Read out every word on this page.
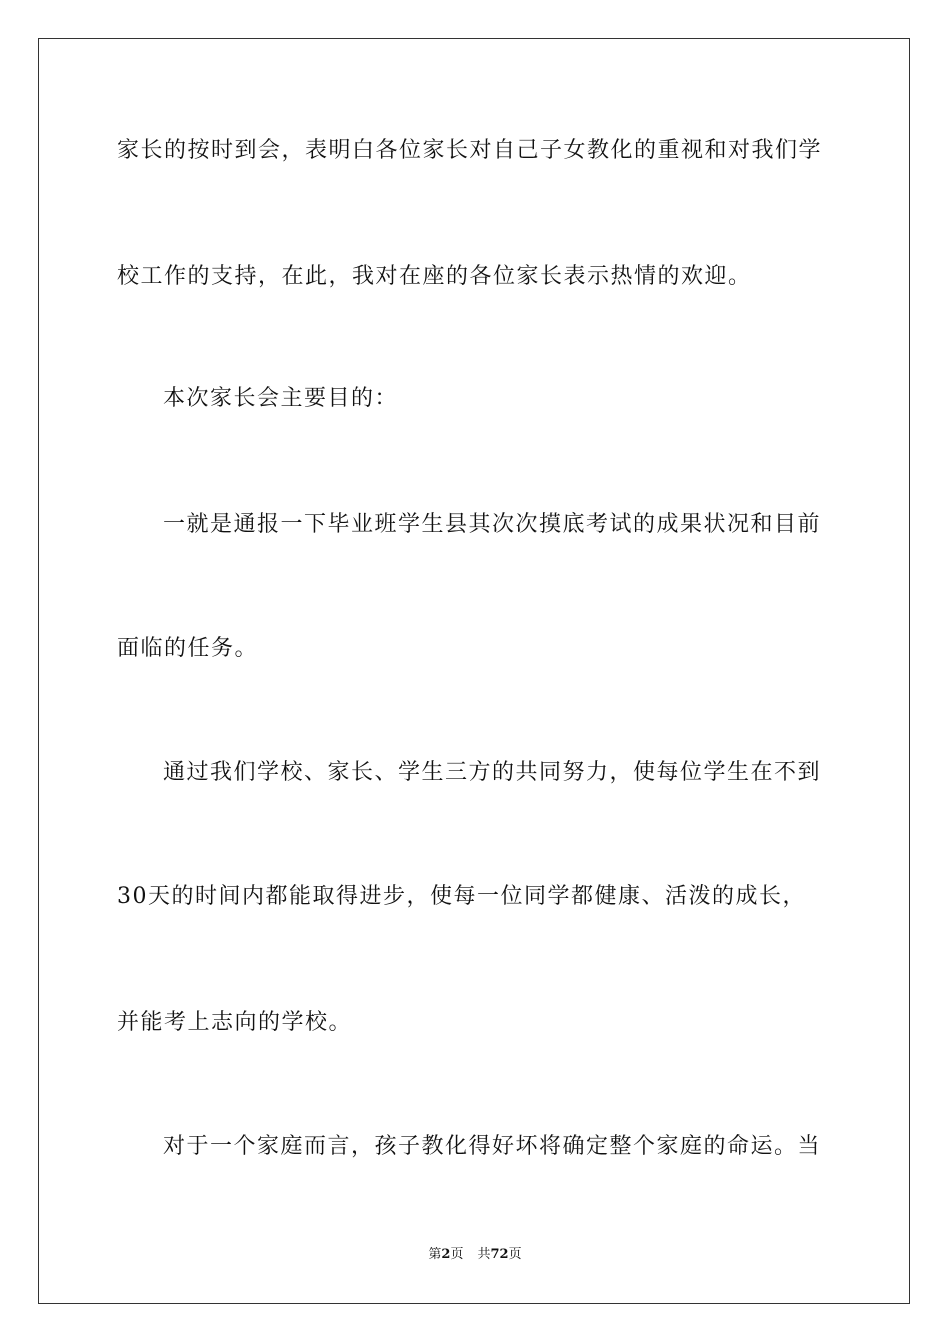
家长的按时到会，表明白各位家长对自己子女教化的重视和对我们学
校工作的支持，在此，我对在座的各位家长表示热情的欢迎。
本次家长会主要目的：
一就是通报一下毕业班学生县其次次摸底考试的成果状况和目前
面临的任务。
通过我们学校、家长、学生三方的共同努力，使每位学生在不到
30天的时间内都能取得进步，使每一位同学都健康、活泼的成长，
并能考上志向的学校。
对于一个家庭而言，孩子教化得好坏将确定整个家庭的命运。当
第2页 共72页
